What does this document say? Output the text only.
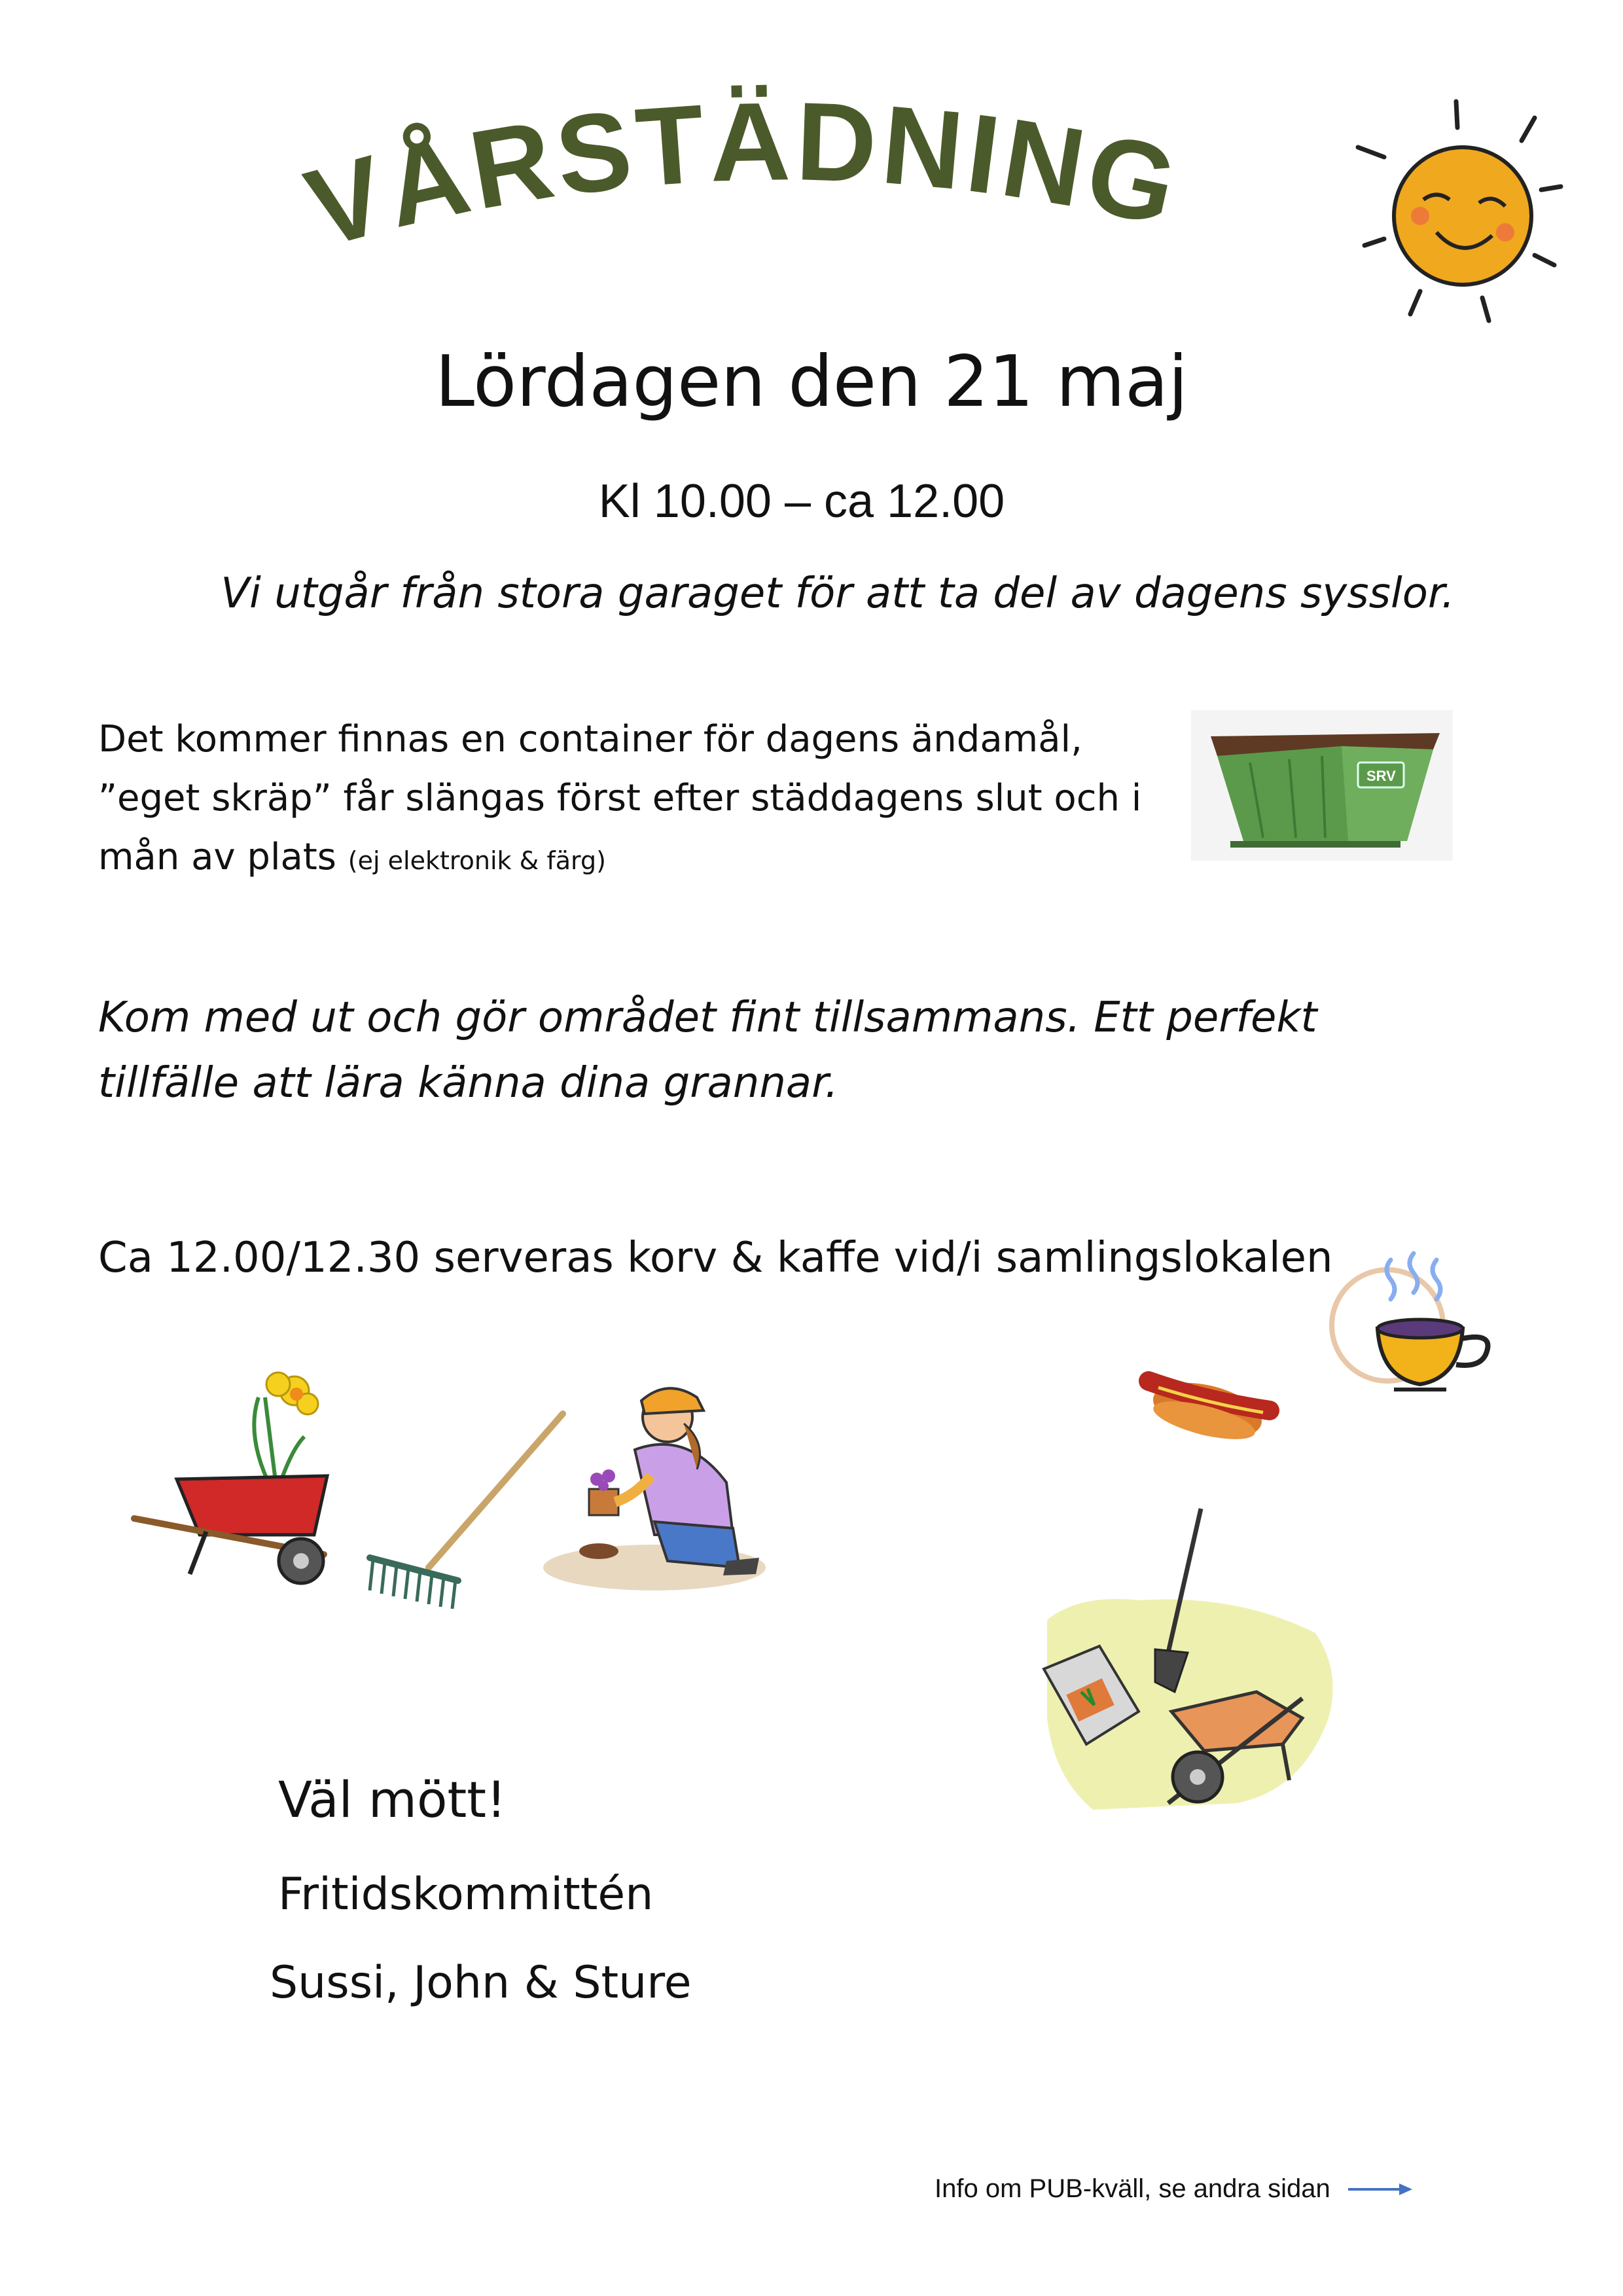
VÅRSTÄDNING
Lördagen den 21 maj
Kl 10.00 – ca 12.00
Vi utgår från stora garaget för att ta del av dagens sysslor.
Det kommer finnas en container för dagens ändamål, ”eget skräp” får slängas först efter städdagens slut och i mån av plats (ej elektronik & färg)
SRV
Kom med ut och gör området fint tillsammans. Ett perfekt tillfälle att lära känna dina grannar.
Ca 12.00/12.30 serveras korv & kaffe vid/i samlingslokalen
Väl mött!
Fritidskommittén
Sussi, John & Sture
Info om PUB-kväll, se andra sidan
